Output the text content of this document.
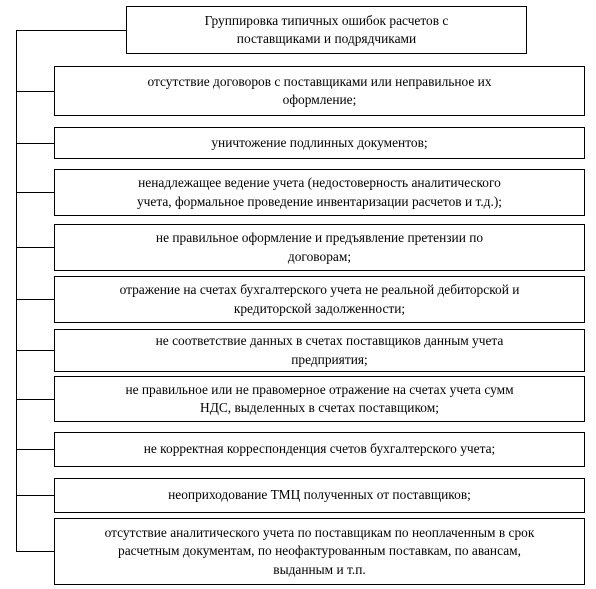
Группировка типичных ошибок расчетов с
поставщиками и подрядчиками
отсутствие договоров с поставщиками или неправильное их
оформление;
уничтожение подлинных документов;
ненадлежащее ведение учета (недостоверность аналитического
учета, формальное проведение инвентаризации расчетов и т.д.);
не правильное оформление и предъявление претензии по
договорам;
отражение на счетах бухгалтерского учета не реальной дебиторской и
кредиторской задолженности;
не соответствие данных в счетах поставщиков данным учета
предприятия;
не правильное или не правомерное отражение на счетах учета сумм
НДС, выделенных в счетах поставщиком;
не корректная корреспонденция счетов бухгалтерского учета;
неоприходование ТМЦ полученных от поставщиков;
отсутствие аналитического учета по поставщикам по неоплаченным в срок
расчетным документам, по неофактурованным поставкам, по авансам,
выданным и т.п.
